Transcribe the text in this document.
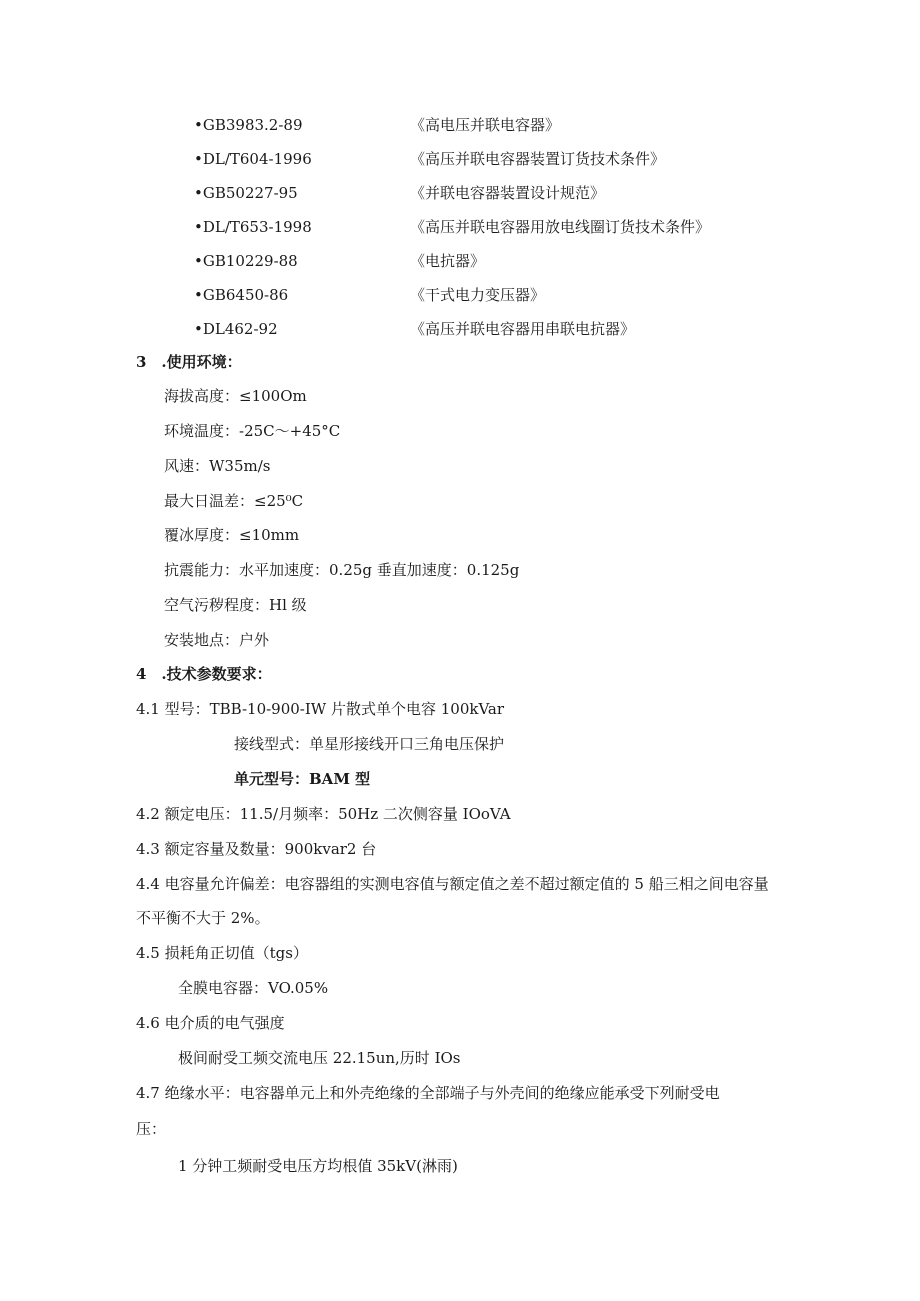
•GB3983.2-89	《高电压并联电容器》
•DL/T604-1996	《高压并联电容器装置订货技术条件》
•GB50227-95	《并联电容器装置设计规范》
•DL/T653-1998	《高压并联电容器用放电线圈订货技术条件》
•GB10229-88	《电抗器》
•GB6450-86	《干式电力变压器》
•DL462-92	《高压并联电容器用串联电抗器》
3　.使用环境：
海拔高度：≤100Om
环境温度：-25C～+45°C
风速：W35m∕s
最大日温差：≤25⁰C
覆冰厚度：≤10mm
抗震能力：水平加速度：0.25g 垂直加速度：0.125g
空气污秽程度：Hl 级
安装地点：户外
4　.技术参数要求：
4.1 型号：TBB-10-900-IW 片散式单个电容 100kVar
接线型式：单星形接线开口三角电压保护
单元型号：BAM 型
4.2 额定电压：11.5/月频率：50Hz 二次侧容量 IOoVA
4.3 额定容量及数量：900kvar2 台
4.4 电容量允许偏差：电容器组的实测电容值与额定值之差不超过额定值的 5 船三相之间电容量
不平衡不大于 2%。
4.5 损耗角正切值（tgs）
全膜电容器：VO.05%
4.6 电介质的电气强度
极间耐受工频交流电压 22.15un,历时 IOs
4.7 绝缘水平：电容器单元上和外壳绝缘的全部端子与外壳间的绝缘应能承受下列耐受电
压：
1 分钟工频耐受电压方均根值 35kV(淋雨)
